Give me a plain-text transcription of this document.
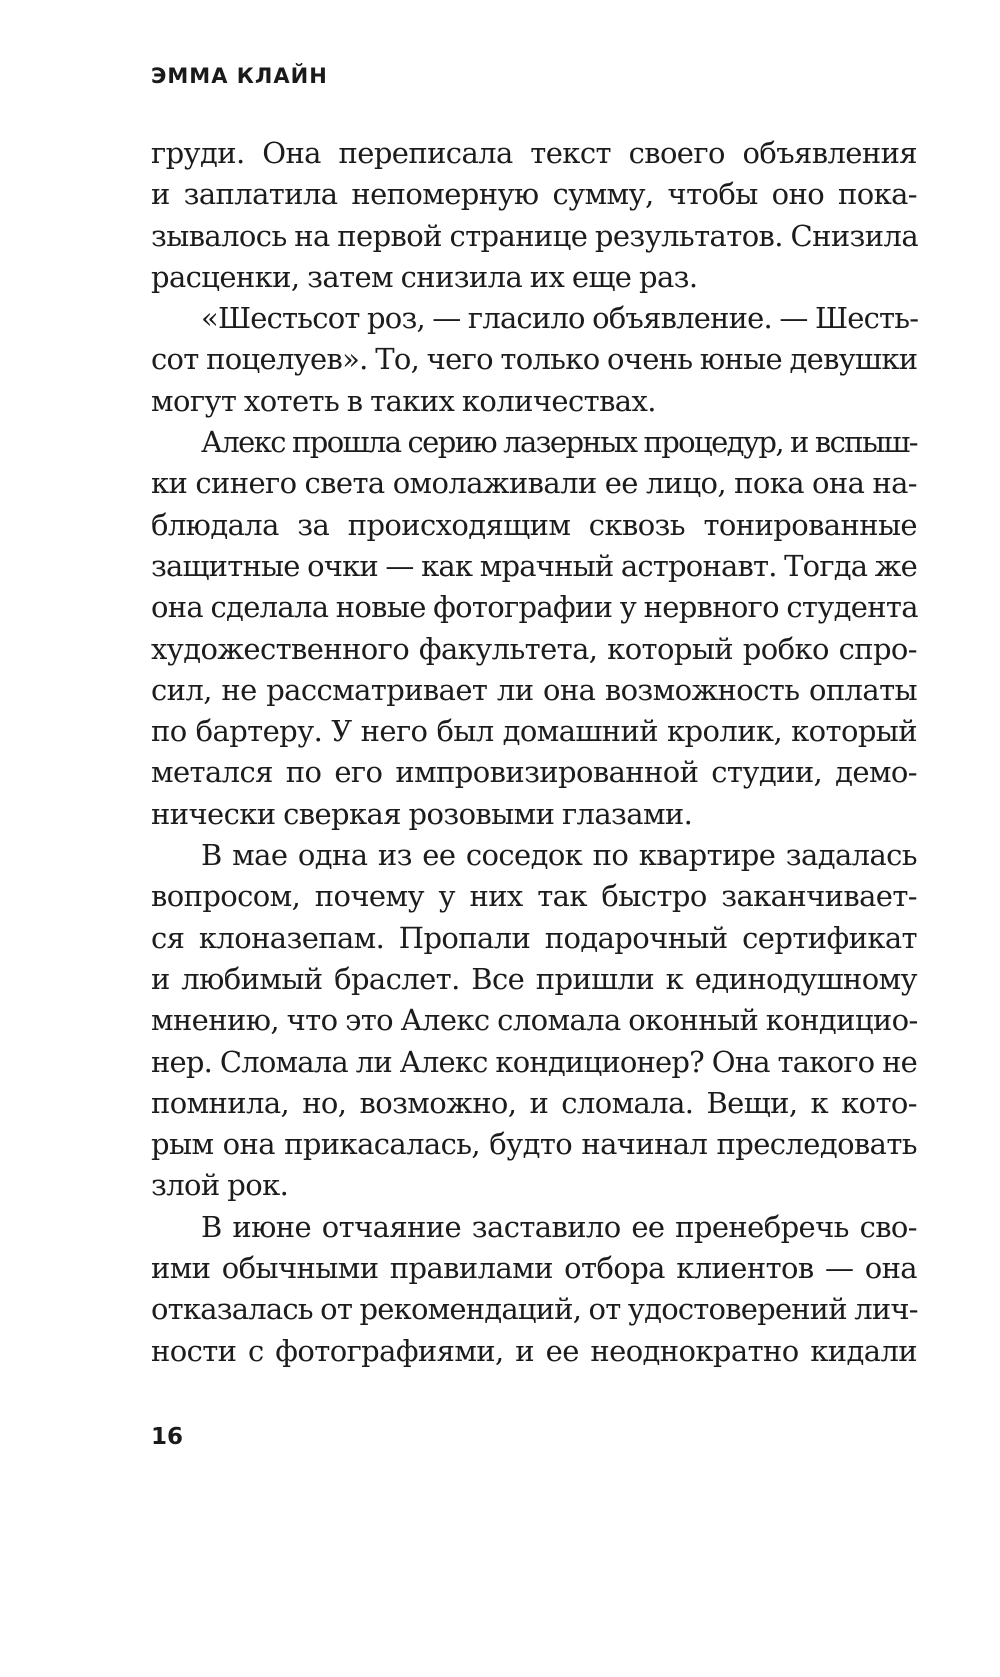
ЭММА КЛАЙН
груди. Она переписала текст своего объявления
и заплатила непомерную сумму, чтобы оно пока-
зывалось на первой странице результатов. Снизила
расценки, затем снизила их еще раз.
«Шестьсот роз, — гласило объявление. — Шесть-
сот поцелуев». То, чего только очень юные девушки
могут хотеть в таких количествах.
Алекс прошла серию лазерных процедур, и вспыш-
ки синего света омолаживали ее лицо, пока она на-
блюдала за происходящим сквозь тонированные
защитные очки — как мрачный астронавт. Тогда же
она сделала новые фотографии у нервного студента
художественного факультета, который робко спро-
сил, не рассматривает ли она возможность оплаты
по бартеру. У него был домашний кролик, который
метался по его импровизированной студии, демо-
нически сверкая розовыми глазами.
В мае одна из ее соседок по квартире задалась
вопросом, почему у них так быстро заканчивает-
ся клоназепам. Пропали подарочный сертификат
и любимый браслет. Все пришли к единодушному
мнению, что это Алекс сломала оконный кондицио-
нер. Сломала ли Алекс кондиционер? Она такого не
помнила, но, возможно, и сломала. Вещи, к кото-
рым она прикасалась, будто начинал преследовать
злой рок.
В июне отчаяние заставило ее пренебречь сво-
ими обычными правилами отбора клиентов — она
отказалась от рекомендаций, от удостоверений лич-
ности с фотографиями, и ее неоднократно кидали
16
